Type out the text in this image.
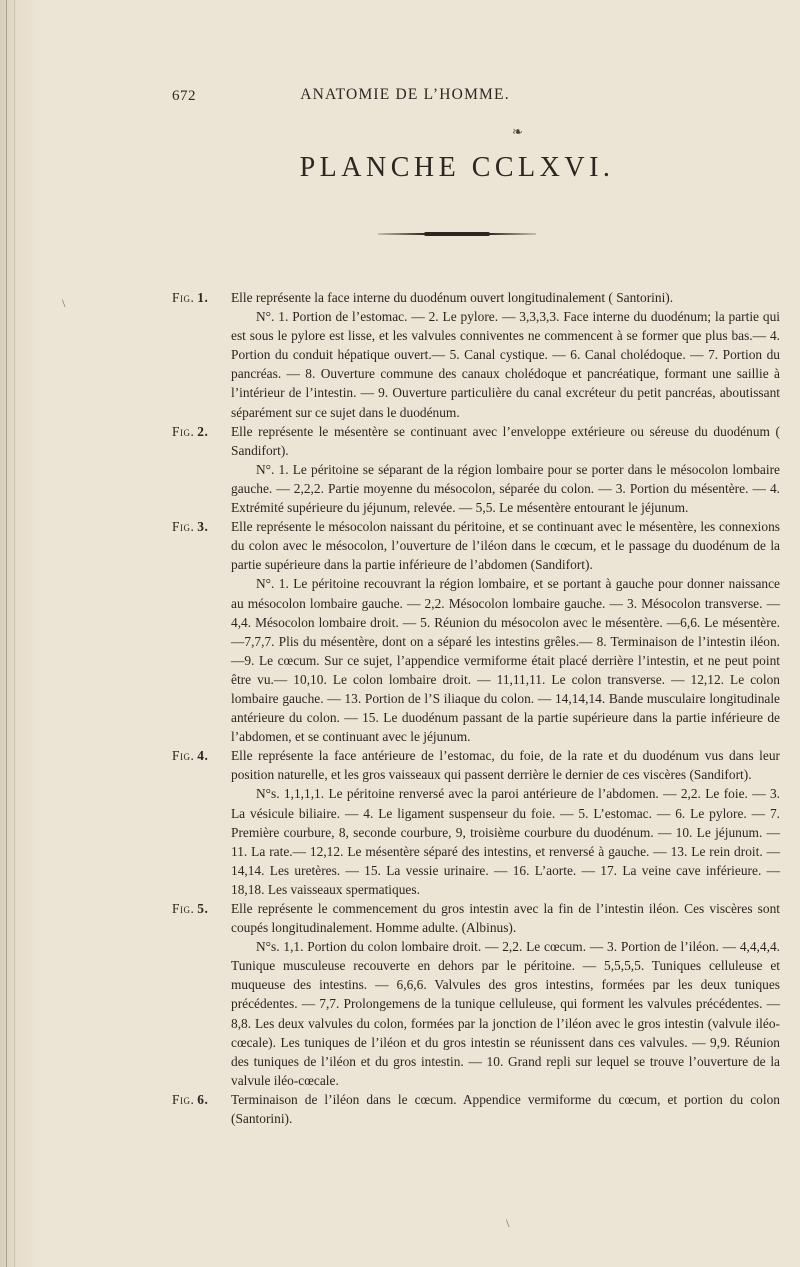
672	ANATOMIE DE L’HOMME.
❧
PLANCHE CCLXVI.
Fig. 1. Elle représente la face interne du duodénum ouvert longitudinalement ( Santorini).

N°. 1. Portion de l’estomac. — 2. Le pylore. — 3,3,3,3. Face interne du duodénum; la partie qui est sous le pylore est lisse, et les valvules conniventes ne commencent à se former que plus bas.— 4. Portion du conduit hépatique ouvert.— 5. Canal cystique. — 6. Canal cholédoque. — 7. Portion du pancréas. — 8. Ouverture commune des canaux cholédoque et pancréatique, formant une saillie à l’intérieur de l’intestin. — 9. Ouverture particulière du canal excréteur du petit pancréas, aboutissant séparément sur ce sujet dans le duodénum.

Fig. 2. Elle représente le mésentère se continuant avec l’enveloppe extérieure ou séreuse du duodénum ( Sandifort).

N°. 1. Le péritoine se séparant de la région lombaire pour se porter dans le mésocolon lombaire gauche. — 2,2,2. Partie moyenne du mésocolon, séparée du colon. — 3. Portion du mésentère. — 4. Extrémité supérieure du jéjunum, relevée. — 5,5. Le mésentère entourant le jéjunum.

Fig. 3. Elle représente le mésocolon naissant du péritoine, et se continuant avec le mésentère, les connexions du colon avec le mésocolon, l’ouverture de l’iléon dans le cœcum, et le passage du duodénum de la partie supérieure dans la partie inférieure de l’abdomen (Sandifort).

N°. 1. Le péritoine recouvrant la région lombaire, et se portant à gauche pour donner naissance au mésocolon lombaire gauche. — 2,2. Mésocolon lombaire gauche. — 3. Mésocolon transverse. — 4,4. Mésocolon lombaire droit. — 5. Réunion du mésocolon avec le mésentère. —6,6. Le mésentère.—7,7,7. Plis du mésentère, dont on a séparé les intestins grêles.— 8. Terminaison de l’intestin iléon. —9. Le cœcum. Sur ce sujet, l’appendice vermiforme était placé derrière l’intestin, et ne peut point être vu.— 10,10. Le colon lombaire droit. — 11,11,11. Le colon transverse. — 12,12. Le colon lombaire gauche. — 13. Portion de l’S iliaque du colon. — 14,14,14. Bande musculaire longitudinale antérieure du colon. — 15. Le duodénum passant de la partie supérieure dans la partie inférieure de l’abdomen, et se continuant avec le jéjunum.

Fig. 4. Elle représente la face antérieure de l’estomac, du foie, de la rate et du duodénum vus dans leur position naturelle, et les gros vaisseaux qui passent derrière le dernier de ces viscères (Sandifort).

N°s. 1,1,1,1. Le péritoine renversé avec la paroi antérieure de l’abdomen. — 2,2. Le foie. — 3. La vésicule biliaire. — 4. Le ligament suspenseur du foie. — 5. L’estomac. — 6. Le pylore. — 7. Première courbure, 8, seconde courbure, 9, troisième courbure du duodénum. — 10. Le jéjunum. — 11. La rate.— 12,12. Le mésentère séparé des intestins, et renversé à gauche. — 13. Le rein droit. — 14,14. Les uretères. — 15. La vessie urinaire. — 16. L’aorte. — 17. La veine cave inférieure. — 18,18. Les vaisseaux spermatiques.

Fig. 5. Elle représente le commencement du gros intestin avec la fin de l’intestin iléon. Ces viscères sont coupés longitudinalement. Homme adulte. (Albinus).

N°s. 1,1. Portion du colon lombaire droit. — 2,2. Le cœcum. — 3. Portion de l’iléon. — 4,4,4,4. Tunique musculeuse recouverte en dehors par le péritoine. — 5,5,5,5. Tuniques celluleuse et muqueuse des intestins. — 6,6,6. Valvules des gros intestins, formées par les deux tuniques précédentes. — 7,7. Prolongemens de la tunique celluleuse, qui forment les valvules précédentes. — 8,8. Les deux valvules du colon, formées par la jonction de l’iléon avec le gros intestin (valvule iléo-cœcale). Les tuniques de l’iléon et du gros intestin se réunissent dans ces valvules. — 9,9. Réunion des tuniques de l’iléon et du gros intestin. — 10. Grand repli sur lequel se trouve l’ouverture de la valvule iléo-cœcale.

Fig. 6. Terminaison de l’iléon dans le cœcum. Appendice vermiforme du cœcum, et portion du colon (Santorini).
\
\
